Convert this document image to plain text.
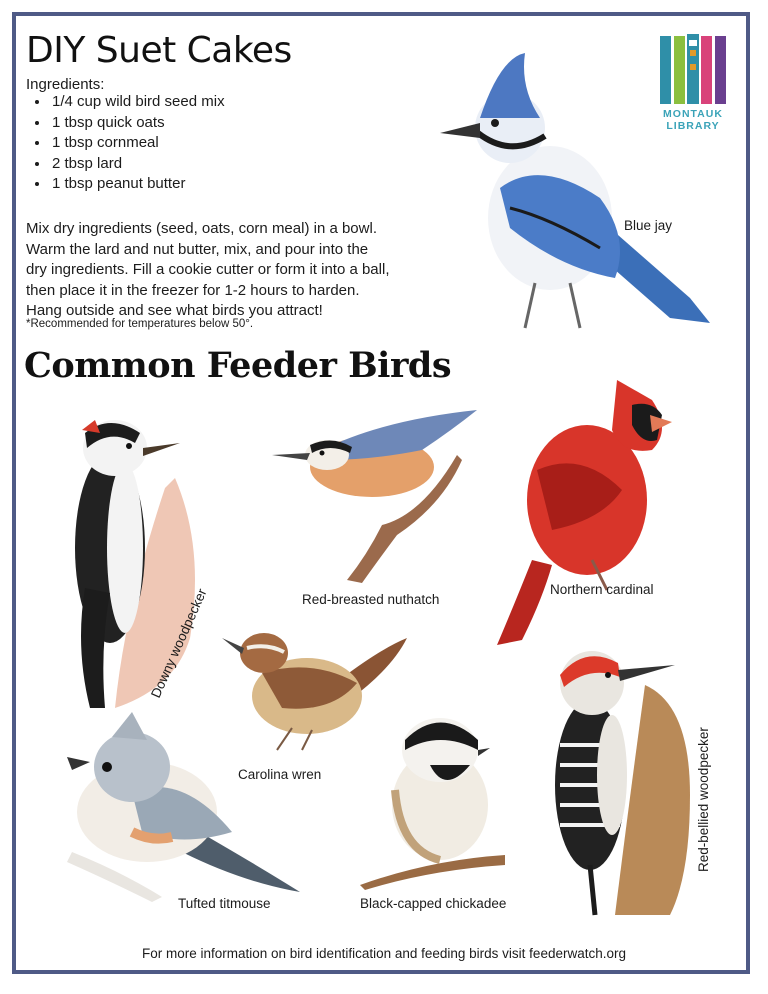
DIY Suet Cakes
Ingredients:
• 1/4 cup wild bird seed mix
• 1 tbsp quick oats
• 1 tbsp cornmeal
• 2 tbsp lard
• 1 tbsp peanut butter

Mix dry ingredients (seed, oats, corn meal) in a bowl.
Warm the lard and nut butter, mix, and pour into the
dry ingredients. Fill a cookie cutter or form it into a ball,
then place it in the freezer for 1-2 hours to harden.
Hang outside and see what birds you attract!

*Recommended for temperatures below 50°.
MONTAUK
LIBRARY
Blue jay
Common Feeder Birds
Downy woodpecker	Red-breasted nuthatch
Northern cardinal
Carolina wren
Tufted titmouse	Black-capped chickadee
Red-bellied woodpecker
For more information on bird identification and feeding birds visit feederwatch.org
